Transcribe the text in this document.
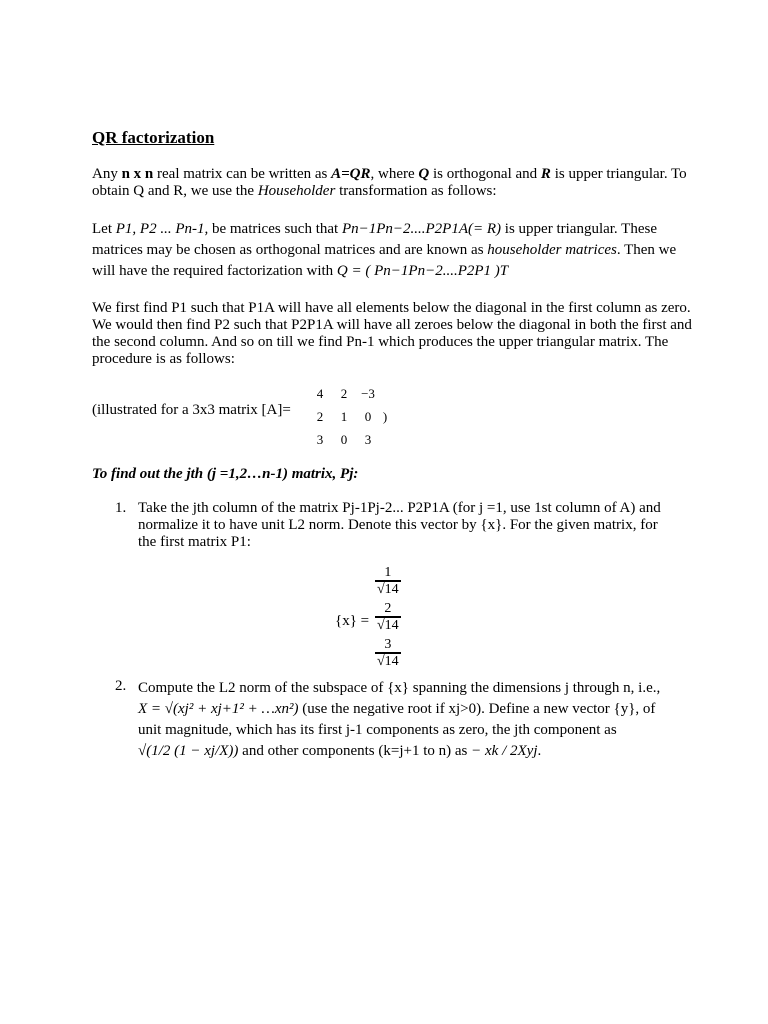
QR factorization
Any n x n real matrix can be written as A=QR, where Q is orthogonal and R is upper triangular. To obtain Q and R, we use the Householder transformation as follows:
Let P1, P2 ... Pn-1, be matrices such that Pn−1Pn−2....P2P1A(= R) is upper triangular. These matrices may be chosen as orthogonal matrices and are known as householder matrices. Then we will have the required factorization with Q = ( Pn−1Pn−2....P2P1 )T
We first find P1 such that P1A will have all elements below the diagonal in the first column as zero. We would then find P2 such that P2P1A will have all zeroes below the diagonal in both the first and the second column. And so on till we find Pn-1 which produces the upper triangular matrix. The procedure is as follows:
(illustrated for a 3x3 matrix [A]=
4 2 −3
2 1 0 )
3 0 3
To find out the jth (j =1,2…n-1) matrix, Pj:
1. Take the jth column of the matrix Pj-1Pj-2... P2P1A (for j =1, use 1st column of A) and normalize it to have unit L2 norm. Denote this vector by {x}. For the given matrix, for the first matrix P1:
{x} =
$\frac{1}{√14}$
$\frac{2}{√14}$
$\frac{3}{√14}$
2. Compute the L2 norm of the subspace of {x} spanning the dimensions j through n, i.e.,
X = √(xj² + xj+1² + …xn²) (use the negative root if xj>0). Define a new vector {y}, of unit magnitude, which has its first j-1 components as zero, the jth component as
√(1/2 (1 − xj/X)) and other components (k=j+1 to n) as − xk / 2Xyj.
